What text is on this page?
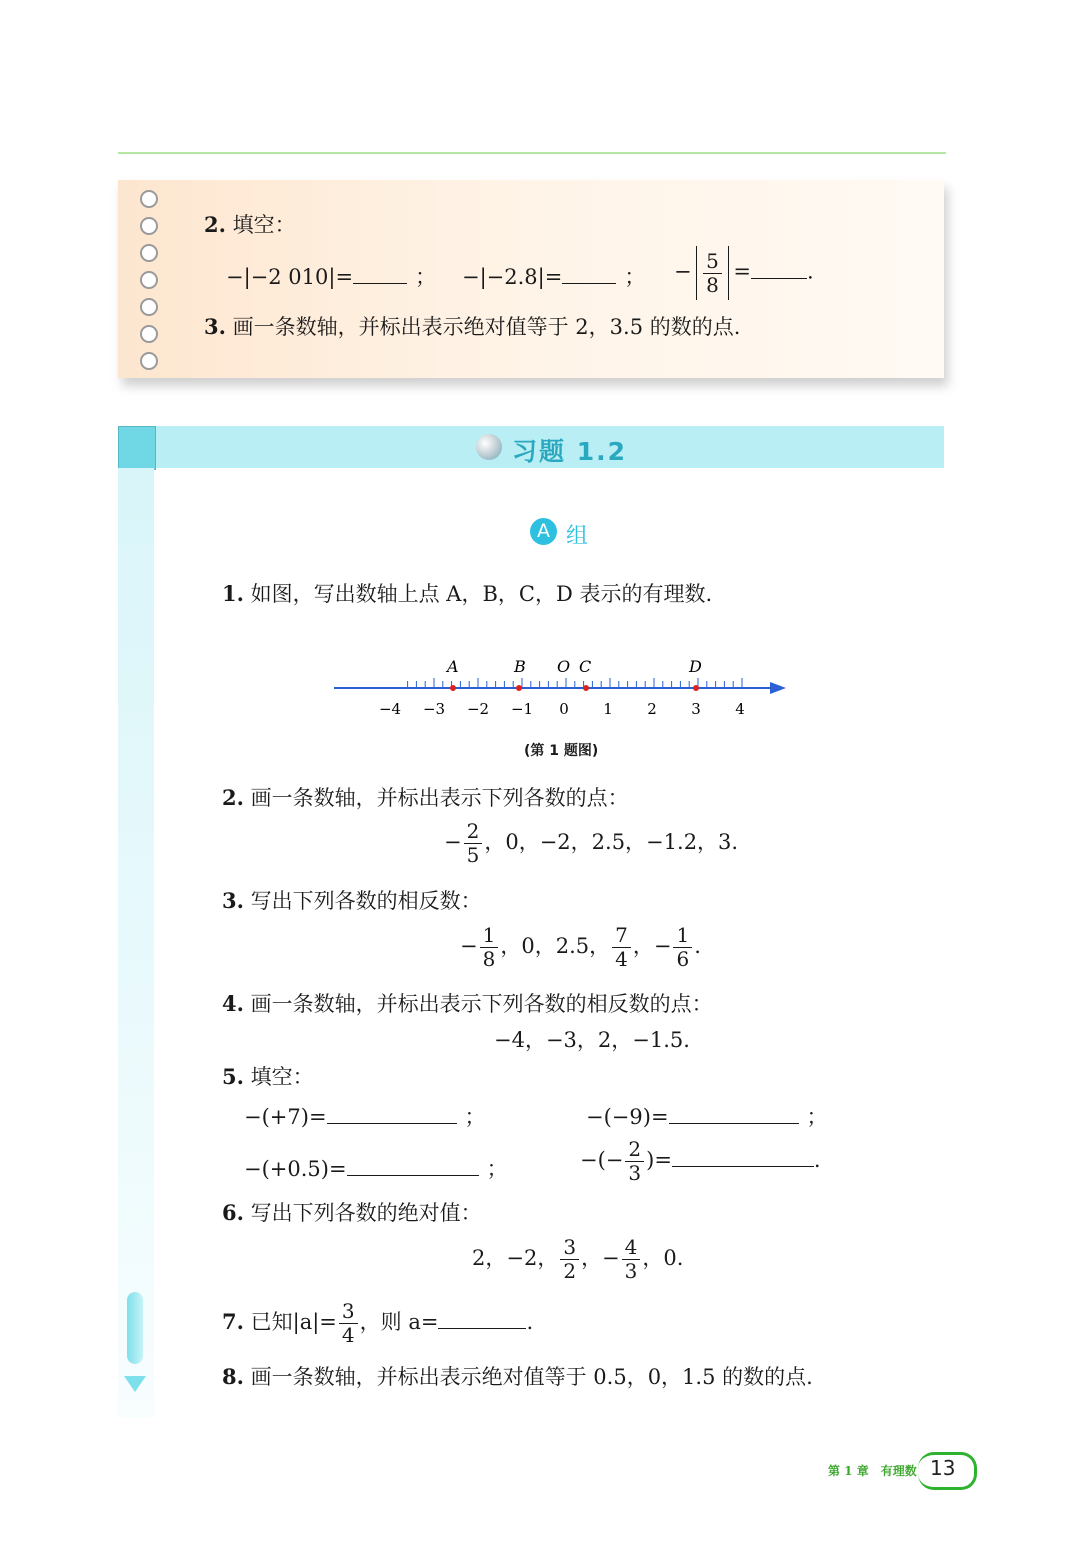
2. 填空：
−|−2 010|=	； −|−2.8|=	； − $\frac{5}{8}$ =	.
3. 画一条数轴，并标出表示绝对值等于 2，3.5 的数的点.
习题 1.2
A 组
1. 如图，写出数轴上点 A，B，C，D 表示的有理数.
A	B O C	D
−4 −3 −2 −1 0 1 2 3 4
(第 1 题图)
2. 画一条数轴，并标出表示下列各数的点：
− $\frac{2}{5}$ ，0，−2，2.5，−1.2，3.
3. 写出下列各数的相反数：
− $\frac{1}{8}$ ，0，2.5， $\frac{7}{4}$ ，− $\frac{1}{6}$ .
4. 画一条数轴，并标出表示下列各数的相反数的点：
−4，−3，2，−1.5.
5. 填空：
−(+7)=	；	−(−9)=	；
−(+0.5)=	；	−(− $\frac{2}{3}$ )=	.
6. 写出下列各数的绝对值：
2，−2， $\frac{3}{2}$ ，− $\frac{4}{3}$ ，0.
7. 已知$|a|= \frac{3}{4}$ ，则 a=	.
8. 画一条数轴，并标出表示绝对值等于 0.5，0，1.5 的数的点.
第 1 章　有理数 13
